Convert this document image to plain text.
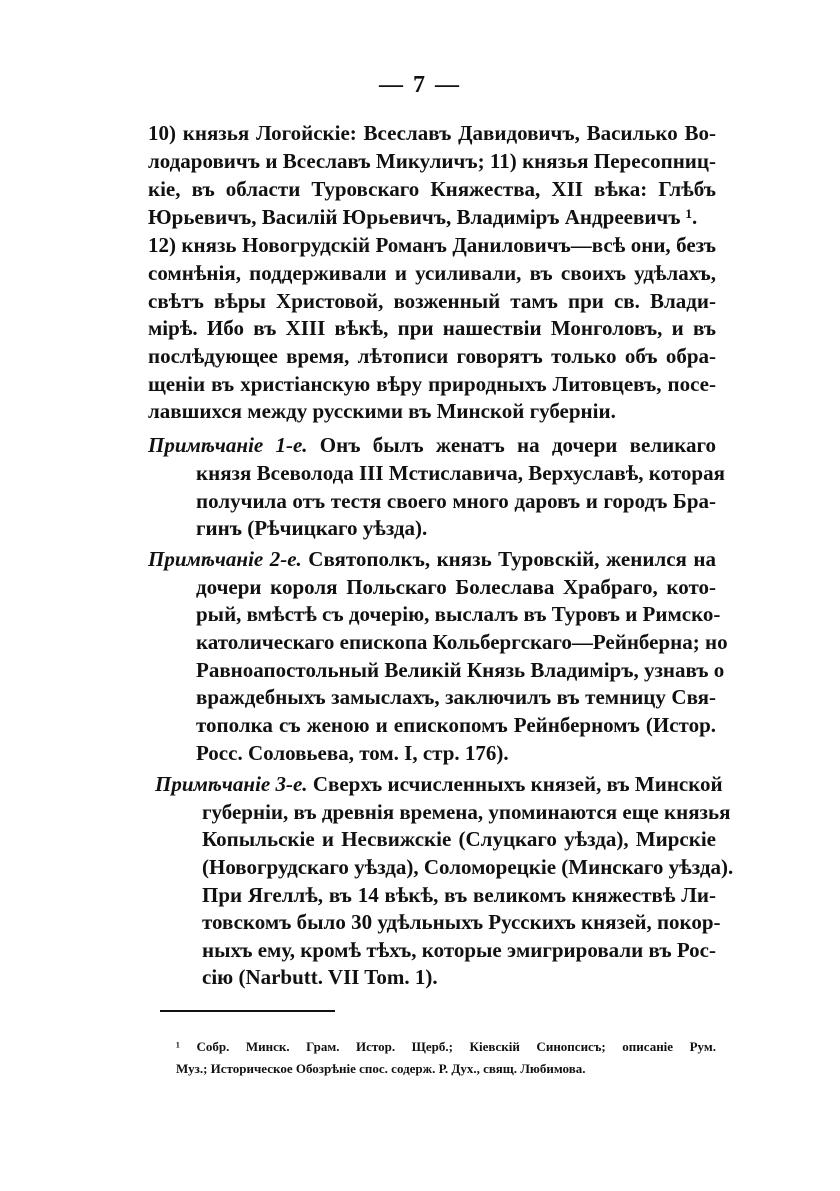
— 7 —
10) князья Логойскіе: Всеславъ Давидовичъ, Василько Во-
лодаровичъ и Всеславъ Микуличъ; 11) князья Пересопниц-
кіе, въ области Туровскаго Княжества, XII вѣка: Глѣбъ
Юрьевичъ, Василій Юрьевичъ, Владиміръ Андреевичъ ¹.
12) князь Новогрудскій Романъ Даниловичъ—всѣ они, безъ
сомнѣнія, поддерживали и усиливали, въ своихъ удѣлахъ,
свѣтъ вѣры Христовой, возженный тамъ при св. Влади-
мірѣ. Ибо въ XIII вѣкѣ, при нашествіи Монголовъ, и въ
послѣдующее время, лѣтописи говорятъ только объ обра-
щеніи въ христіанскую вѣру природныхъ Литовцевъ, посе-
лавшихся между русскими въ Минской губерніи.
Примѣчаніе 1-е. Онъ былъ женатъ на дочери великаго
князя Всеволода III Мстиславича, Верхуславѣ, которая
получила отъ тестя своего много даровъ и городъ Бра-
гинъ (Рѣчицкаго уѣзда).
Примѣчаніе 2-е. Святополкъ, князь Туровскій, женился на
дочери короля Польскаго Болеслава Храбраго, кото-
рый, вмѣстѣ съ дочерію, выслалъ въ Туровъ и Римско-
католическаго епископа Кольбергскаго—Рейнберна; но
Равноапостольный Великій Князь Владиміръ, узнавъ о
враждебныхъ замыслахъ, заключилъ въ темницу Свя-
тополка съ женою и епископомъ Рейнберномъ (Истор.
Росс. Соловьева, том. I, стр. 176).
Примѣчаніе 3-е. Сверхъ исчисленныхъ князей, въ Минской
губерніи, въ древнія времена, упоминаются еще князья
Копыльскіе и Несвижскіе (Слуцкаго уѣзда), Мирскіе
(Новогрудскаго уѣзда), Соломорецкіе (Минскаго уѣзда).
При Ягеллѣ, въ 14 вѣкѣ, въ великомъ княжествѣ Ли-
товскомъ было 30 удѣльныхъ Русскихъ князей, покор-
ныхъ ему, кромѣ тѣхъ, которые эмигрировали въ Рос-
сію (Narbutt. VII Tom. 1).
¹ Собр. Минск. Грам. Истор. Щерб.; Кіевскій Синопсисъ; описаніе Рум.
Муз.; Историческое Обозрѣніе спос. содерж. Р. Дух., свящ. Любимова.
